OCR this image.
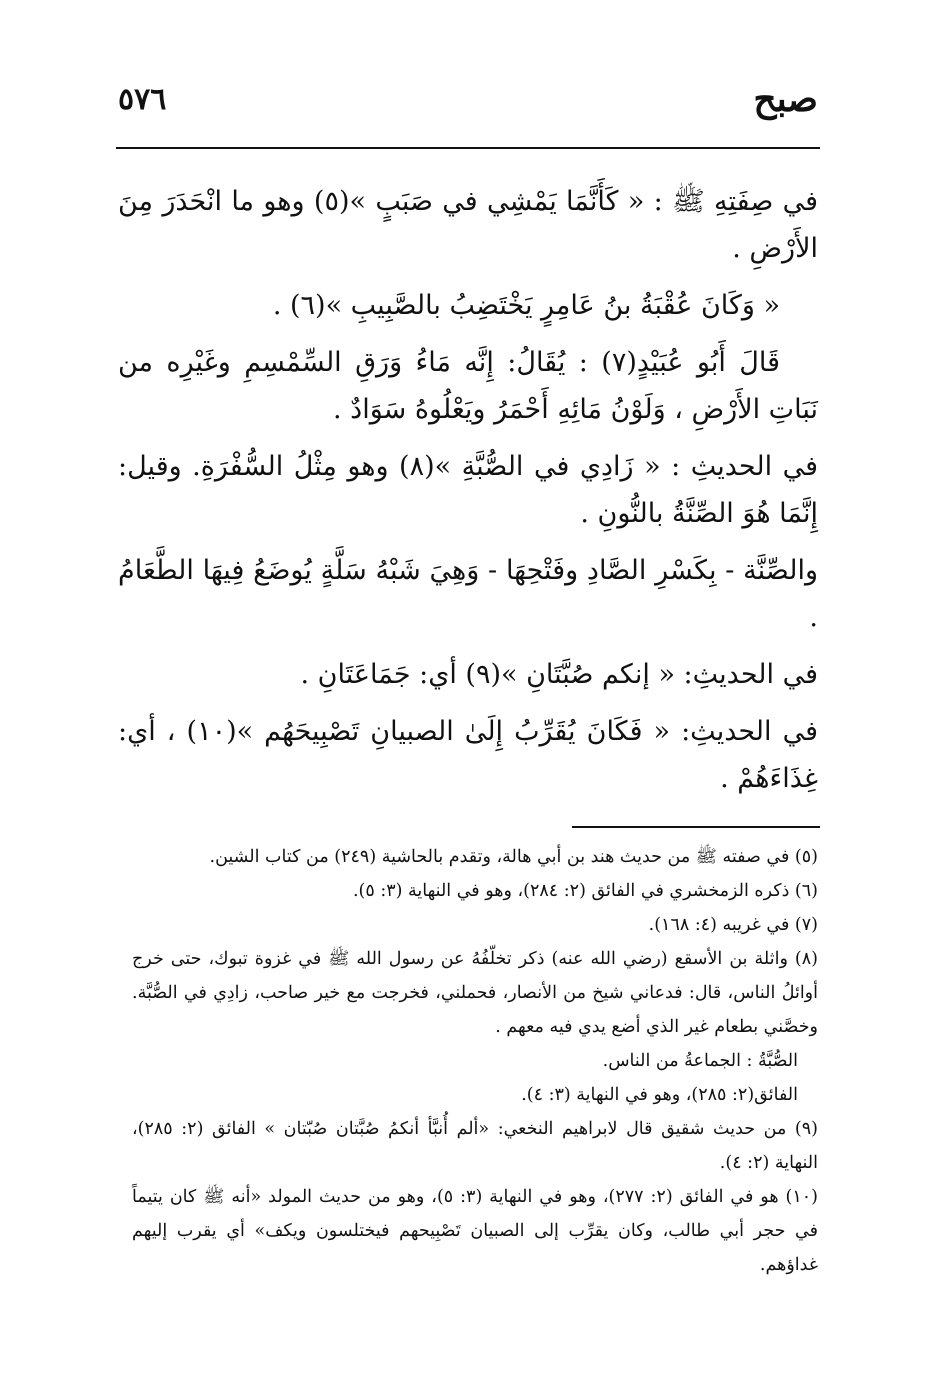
صبح
٥٧٦

في صِفَتِهِ ﷺ : « كَأَنَّمَا يَمْشِي في صَبَبٍ »(٥) وهو ما انْحَدَرَ مِنَ الأَرْضِ .

« وَكَانَ عُقْبَةُ بنُ عَامِرٍ يَخْتَضِبُ بالصَّبِيبِ »(٦) .

قَالَ أَبُو عُبَيْدٍ(٧) : يُقَالُ: إِنَّه مَاءُ وَرَقِ السِّمْسِمِ وغَيْرِه من نَبَاتِ الأَرْضِ ، وَلَوْنُ مَائِهِ أَحْمَرُ ويَعْلُوهُ سَوَادٌ .

في الحديثِ : « زَادِي في الصُّبَّةِ »(٨) وهو مِثْلُ السُّفْرَةِ. وقيل: إِنَّمَا هُوَ الصِّنَّةُ بالنُّونِ .

والصِّنَّة - بِكَسْرِ الصَّادِ وفَتْحِهَا - وَهِيَ شَبْهُ سَلَّةٍ يُوضَعُ فِيهَا الطَّعَامُ .

في الحديثِ: « إنكم صُبَّتَانِ »(٩) أي: جَمَاعَتَانِ .

في الحديثِ: « فَكَانَ يُقَرِّبُ إِلَىٰ الصبيانِ تَصْبِيحَهُم »(١٠) ، أي: غِذَاءَهُمْ .

(٥) في صفته ﷺ من حديث هند بن أبي هالة، وتقدم بالحاشية (٢٤٩) من كتاب الشين.

(٦) ذكره الزمخشري في الفائق (٢: ٢٨٤)، وهو في النهاية (٣: ٥).

(٧) في غريبه (٤: ١٦٨).

(٨) واثلة بن الأسقع (رضي الله عنه) ذكر تخلّفُهُ عن رسول الله ﷺ في غزوة تبوك، حتى خرج أوائلُ الناس، قال: فدعاني شيخ من الأنصار، فحملني، فخرجت مع خير صاحب، زادِي في الصُّبَّة. وخصَّني بطعام غير الذي أضع يدي فيه معهم .

الصُّبَّةُ : الجماعةُ من الناس.

الفائق(٢: ٢٨٥)، وهو في النهاية (٣: ٤).

(٩) من حديث شقيق قال لابراهيم النخعي: «ألم أُنبَّأ أنكمُ صُبَّتان صُبّتان » الفائق (٢: ٢٨٥)، النهاية (٢: ٤).

(١٠) هو في الفائق (٢: ٢٧٧)، وهو في النهاية (٣: ٥)، وهو من حديث المولد «أنه ﷺ كان يتيماً في حجر أبي طالب، وكان يقرِّب إلى الصبيان تَصْبِيحهم فيختلسون ويكف» أي يقرب إليهم غداؤهم.
